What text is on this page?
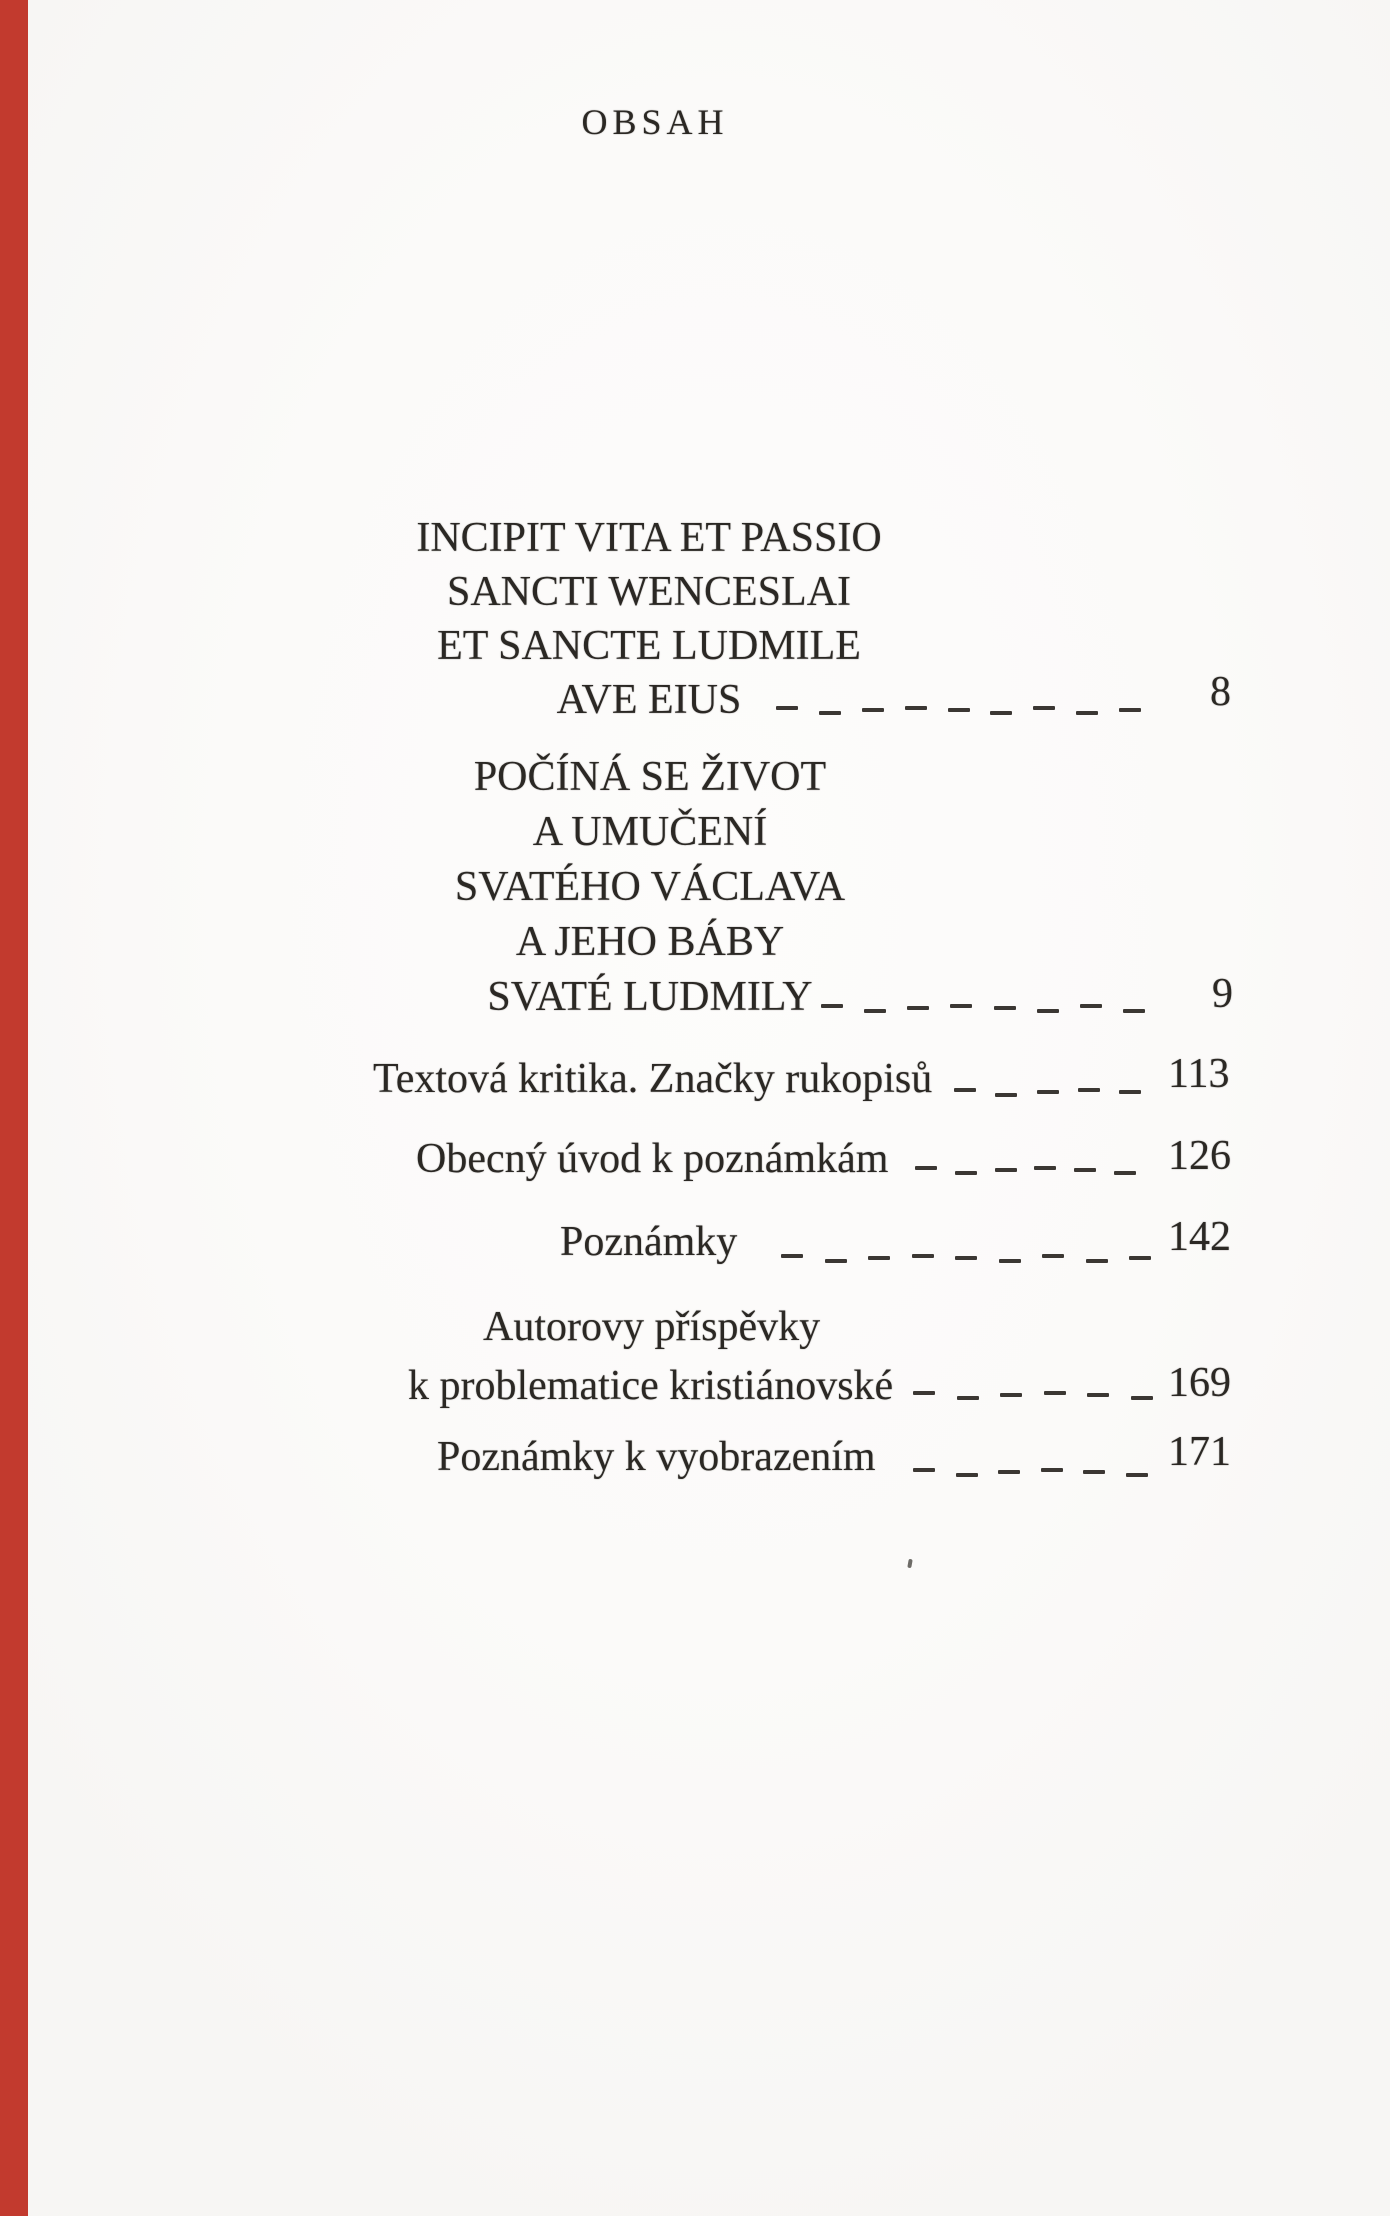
OBSAH
INCIPIT VITA ET PASSIO
SANCTI WENCESLAI
ET SANCTE LUDMILE
AVE EIUS	8
POČÍNÁ SE ŽIVOT
A UMUČENÍ
SVATÉHO VÁCLAVA
A JEHO BÁBY
SVATÉ LUDMILY	9
Textová kritika. Značky rukopisů	113
Obecný úvod k poznámkám	126
Poznámky	142
Autorovy příspěvky
k problematice kristiánovské	169
Poznámky k vyobrazením	171
